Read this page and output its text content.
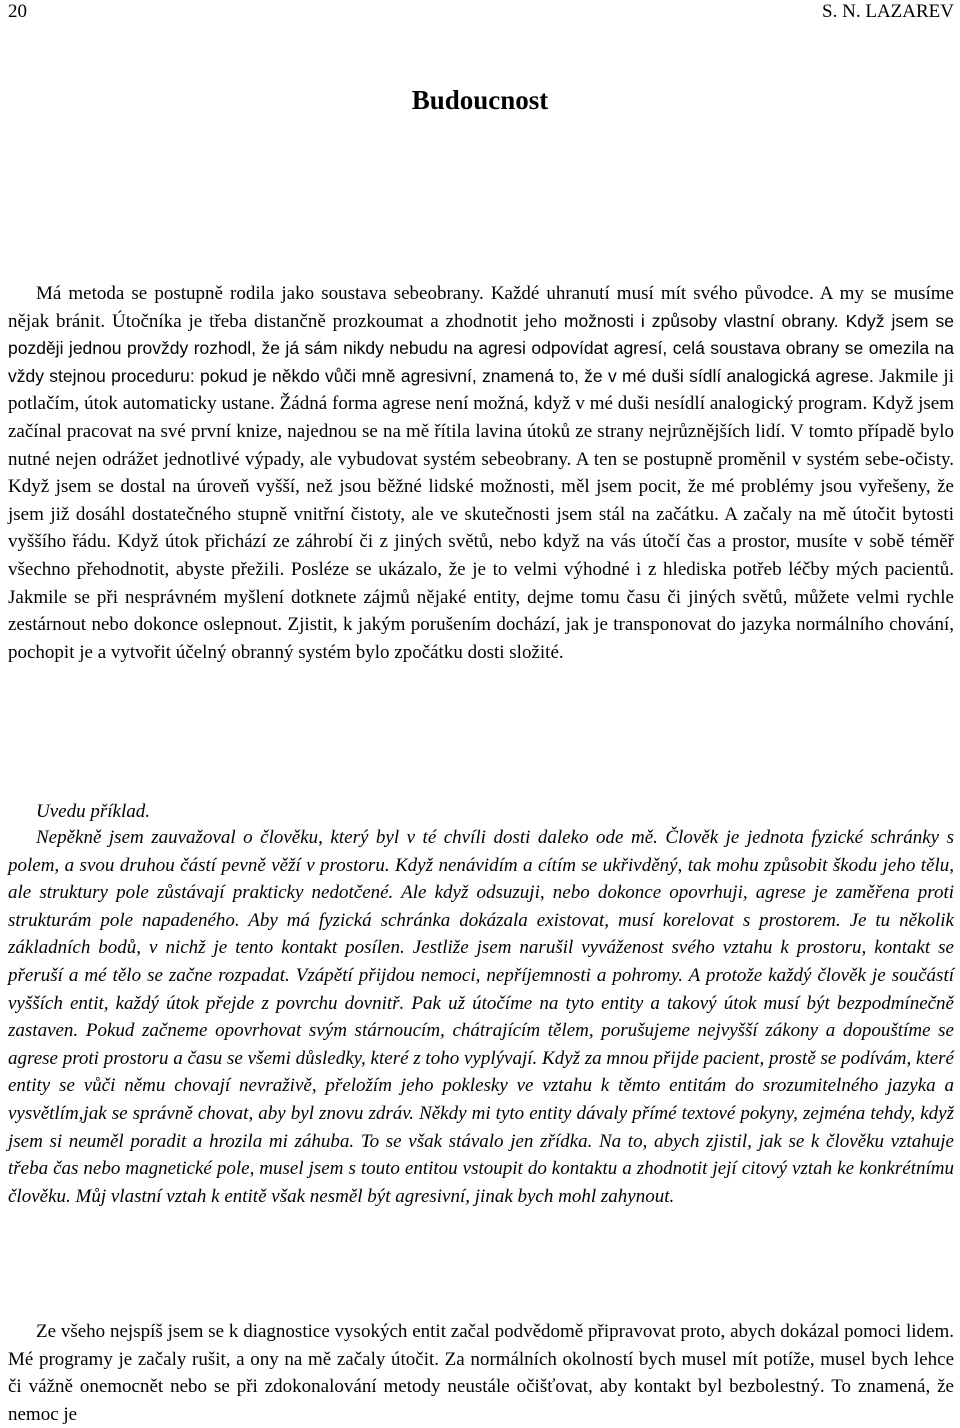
20	S. N. LAZAREV
Budoucnost

Má metoda se postupně rodila jako soustava sebeobrany. Každé uhranutí musí mít svého původce. A my se musíme nějak bránit. Útočníka je třeba distančně prozkoumat a zhodnotit jeho možnosti i způsoby vlastní obrany. Když jsem se později jednou provždy rozhodl, že já sám nikdy nebudu na agresi odpovídat agresí, celá soustava obrany se omezila na vždy stejnou proceduru: pokud je někdo vůči mně agresivní, znamená to, že v mé duši sídlí analogická agrese. Jakmile ji potlačím, útok automaticky ustane. Žádná forma agrese není možná, když v mé duši nesídlí analogický program. Když jsem začínal pracovat na své první knize, najednou se na mě řítila lavina útoků ze strany nejrůznějších lidí. V tomto případě bylo nutné nejen odrážet jednotlivé výpady, ale vybudovat systém sebeobrany. A ten se postupně proměnil v systém sebe-očisty. Když jsem se dostal na úroveň vyšší, než jsou běžné lidské možnosti, měl jsem pocit, že mé problémy jsou vyřešeny, že jsem již dosáhl dostatečného stupně vnitřní čistoty, ale ve skutečnosti jsem stál na začátku. A začaly na mě útočit bytosti vyššího řádu. Když útok přichází ze záhrobí či z jiných světů, nebo když na vás útočí čas a prostor, musíte v sobě téměř všechno přehodnotit, abyste přežili. Posléze se ukázalo, že je to velmi výhodné i z hlediska potřeb léčby mých pacientů. Jakmile se při nesprávném myšlení dotknete zájmů nějaké entity, dejme tomu času či jiných světů, můžete velmi rychle zestárnout nebo dokonce oslepnout. Zjistit, k jakým porušením dochází, jak je transponovat do jazyka normálního chování, pochopit je a vytvořit účelný obranný systém bylo zpočátku dosti složité.

Uvedu příklad.

Nepěkně jsem zauvažoval o člověku, který byl v té chvíli dosti daleko ode mě. Člověk je jednota fyzické schránky s polem, a svou druhou částí pevně věží v prostoru. Když nenávidím a cítím se ukřivděný, tak mohu způsobit škodu jeho tělu, ale struktury pole zůstávají prakticky nedotčené. Ale když odsuzuji, nebo dokonce opovrhuji, agrese je zaměřena proti strukturám pole napadeného. Aby má fyzická schránka dokázala existovat, musí korelovat s prostorem. Je tu několik základních bodů, v nichž je tento kontakt posílen. Jestliže jsem narušil vyváženost svého vztahu k prostoru, kontakt se přeruší a mé tělo se začne rozpadat. Vzápětí přijdou nemoci, nepříjemnosti a pohromy. A protože každý člověk je součástí vyšších entit, každý útok přejde z povrchu dovnitř. Pak už útočíme na tyto entity a takový útok musí být bezpodmínečně zastaven. Pokud začneme opovrhovat svým stárnoucím, chátrajícím tělem, porušujeme nejvyšší zákony a dopouštíme se agrese proti prostoru a času se všemi důsledky, které z toho vyplývají. Když za mnou přijde pacient, prostě se podívám, které entity se vůči němu chovají nevraživě, přeložím jeho poklesky ve vztahu k těmto entitám do srozumitelného jazyka a vysvětlím,jak se správně chovat, aby byl znovu zdráv. Někdy mi tyto entity dávaly přímé textové pokyny, zejména tehdy, když jsem si neuměl poradit a hrozila mi záhuba. To se však stávalo jen zřídka. Na to, abych zjistil, jak se k člověku vztahuje třeba čas nebo magnetické pole, musel jsem s touto entitou vstoupit do kontaktu a zhodnotit její citový vztah ke konkrétnímu člověku. Můj vlastní vztah k entitě však nesměl být agresivní, jinak bych mohl zahynout.

Ze všeho nejspíš jsem se k diagnostice vysokých entit začal podvědomě připravovat proto, abych dokázal pomoci lidem. Mé programy je začaly rušit, a ony na mě začaly útočit. Za normálních okolností bych musel mít potíže, musel bych lehce či vážně onemocnět nebo se při zdokonalování metody neustále očišťovat, aby kontakt byl bezbolestný. To znamená, že nemoc je
